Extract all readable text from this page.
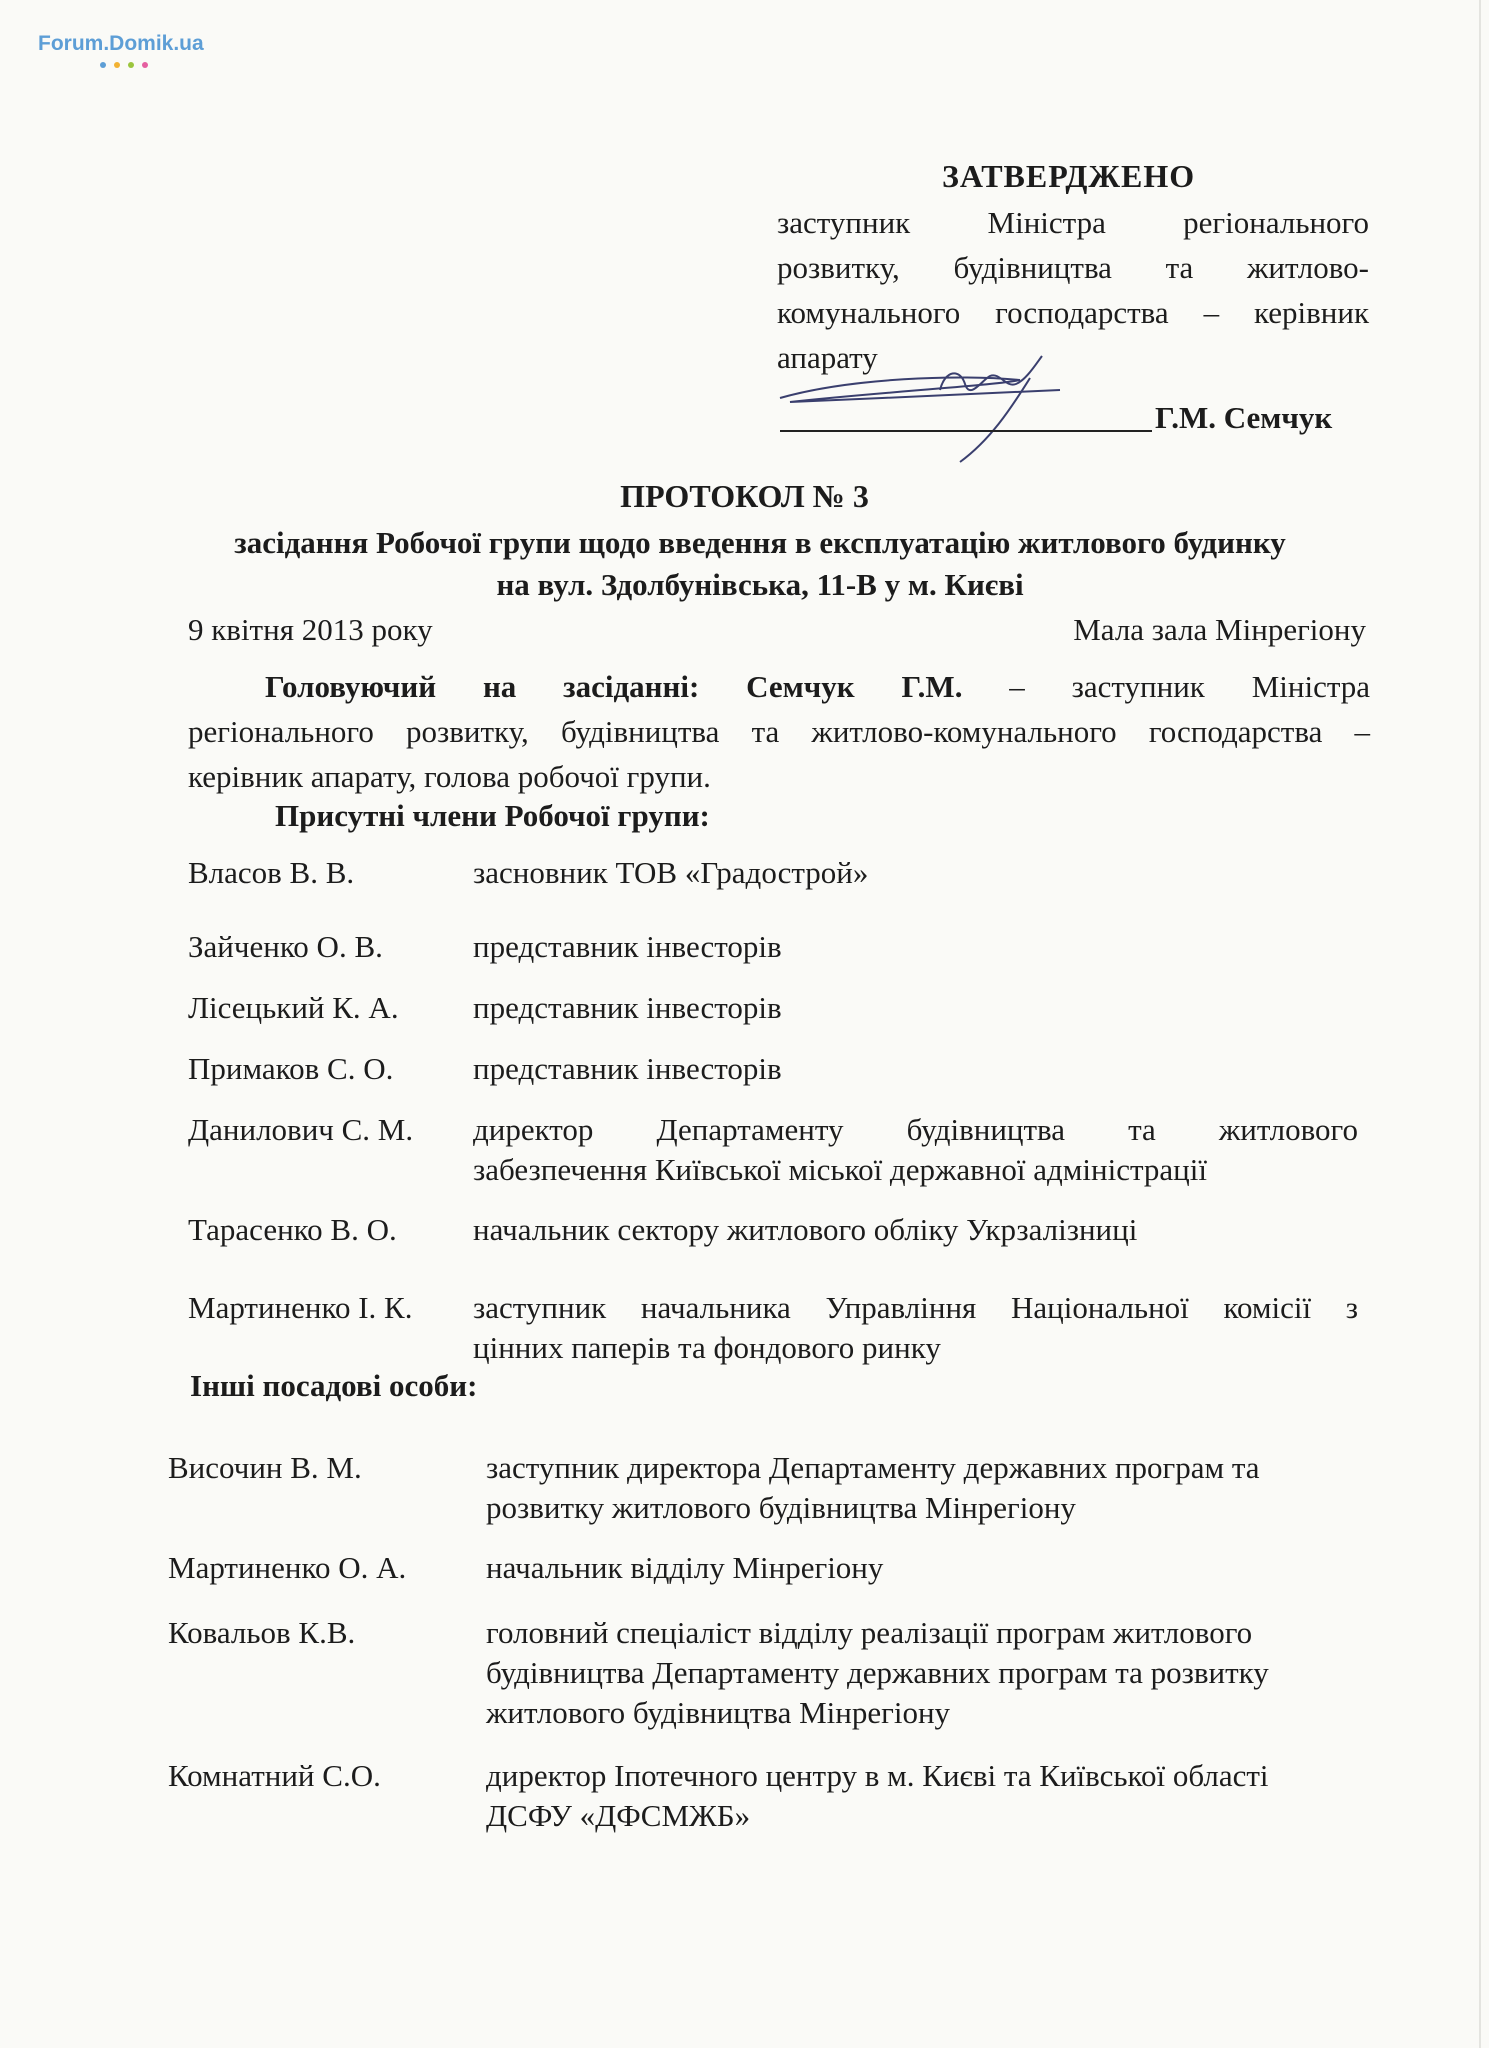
Forum.Domik.ua
ЗАТВЕРДЖЕНО
заступник Міністра регіонального
розвитку, будівництва та житлово-
комунального господарства – керівник
апарату
Г.М. Семчук
ПРОТОКОЛ № 3
засідання Робочої групи щодо введення в експлуатацію житлового будинку
на вул. Здолбунівська, 11-В у м. Києві
9 квітня 2013 року	Мала зала Мінрегіону
Головуючий на засіданні: Семчук Г.М. – заступник Міністра
регіонального розвитку, будівництва та житлово-комунального господарства –
керівник апарату, голова робочої групи.
Присутні члени Робочої групи:
Власов В. В.	засновник ТОВ «Градострой»
Зайченко О. В.	представник інвесторів
Лісецький К. А. представник інвесторів
Примаков С. О.	представник інвесторів
Данилович С. М. директор Департаменту будівництва та житлового
забезпечення Київської міської державної адміністрації
Тарасенко В. О. начальник сектору житлового обліку Укрзалізниці
Мартиненко І. К. заступник начальника Управління Національної комісії з
цінних паперів та фондового ринку
Інші посадові особи:
Височин В. М.	заступник директора Департаменту державних програм та
розвитку житлового будівництва Мінрегіону
Мартиненко О. А.	начальник відділу Мінрегіону
Ковальов К.В.	головний спеціаліст відділу реалізації програм житлового
будівництва Департаменту державних програм та розвитку
житлового будівництва Мінрегіону
Комнатний С.О.	директор Іпотечного центру в м. Києві та Київської області
ДСФУ «ДФСМЖБ»
